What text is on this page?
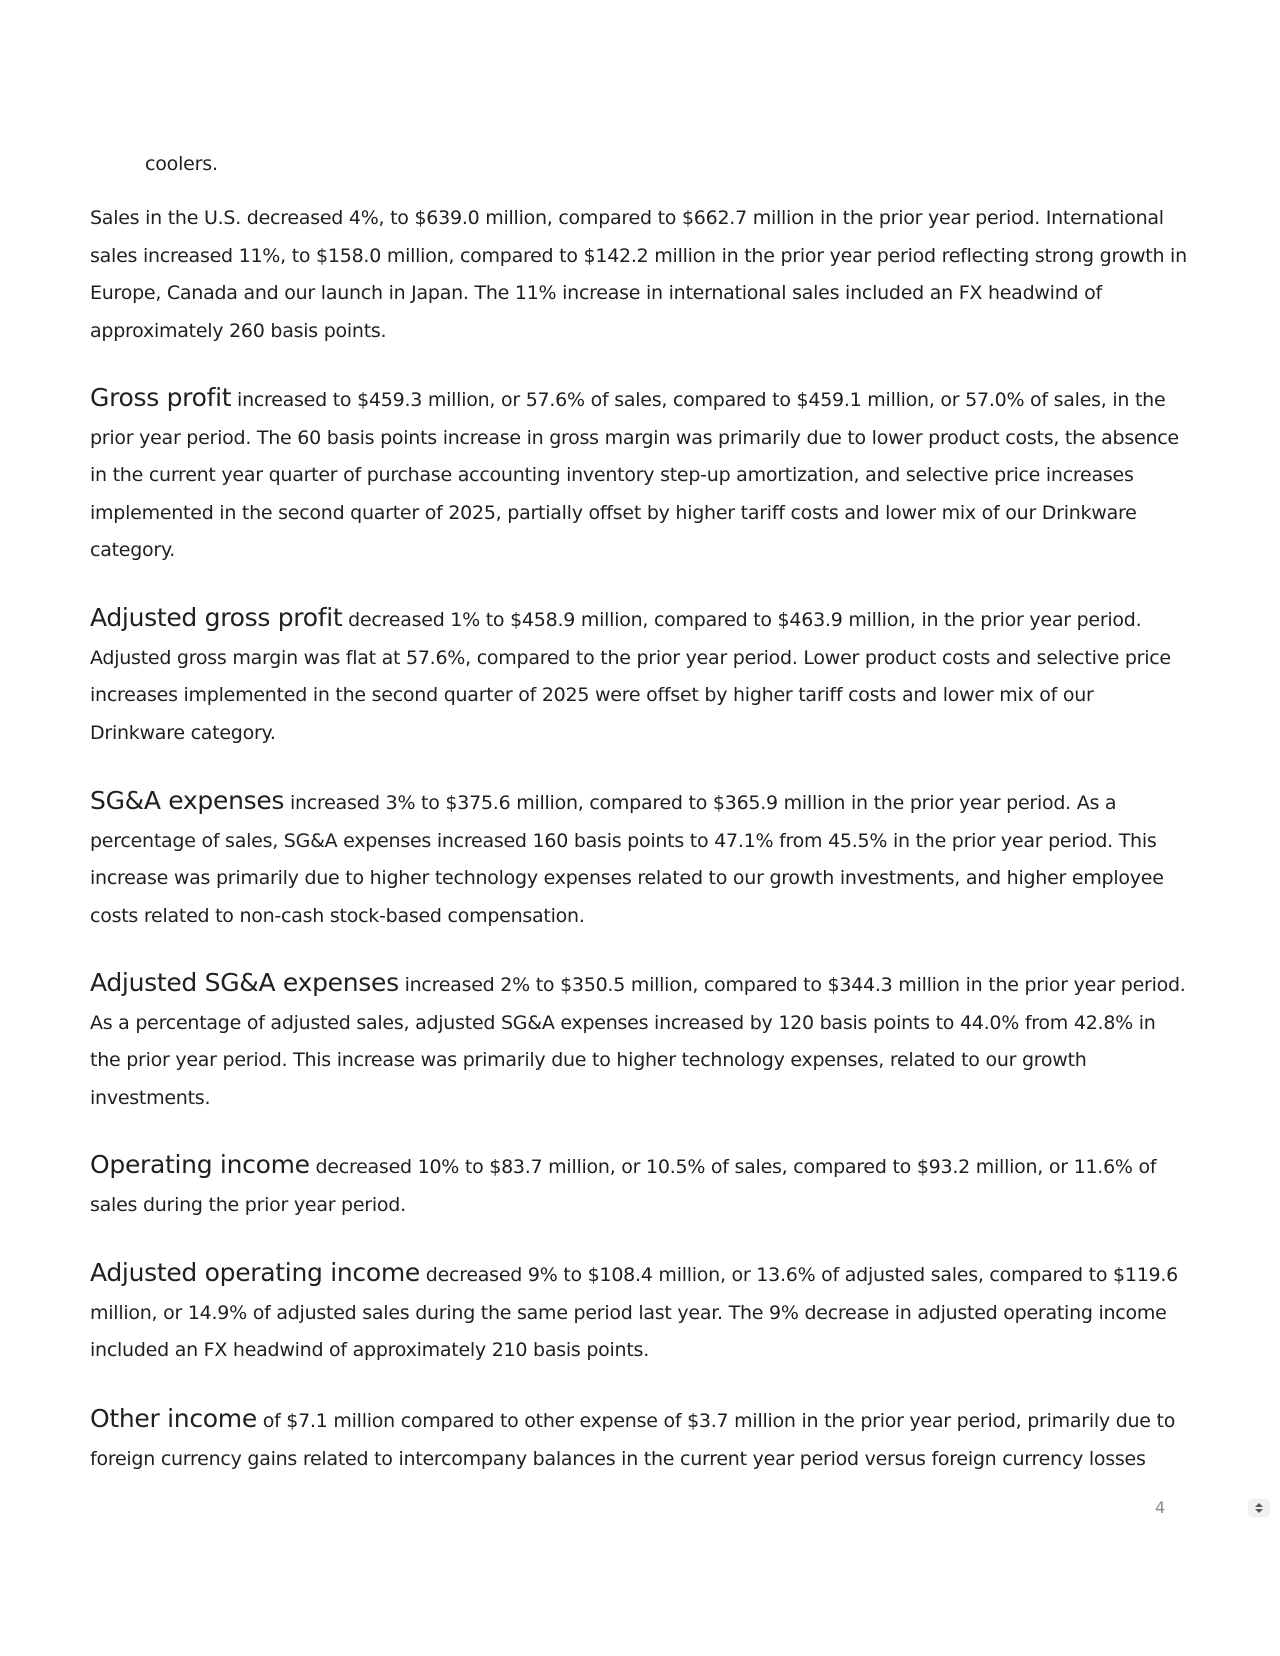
coolers.

Sales in the U.S. decreased 4%, to $639.0 million, compared to $662.7 million in the prior year period. International sales increased 11%, to $158.0 million, compared to $142.2 million in the prior year period reflecting strong growth in Europe, Canada and our launch in Japan. The 11% increase in international sales included an FX headwind of approximately 260 basis points.

Gross profit increased to $459.3 million, or 57.6% of sales, compared to $459.1 million, or 57.0% of sales, in the prior year period. The 60 basis points increase in gross margin was primarily due to lower product costs, the absence in the current year quarter of purchase accounting inventory step-up amortization, and selective price increases implemented in the second quarter of 2025, partially offset by higher tariff costs and lower mix of our Drinkware category.

Adjusted gross profit decreased 1% to $458.9 million, compared to $463.9 million, in the prior year period. Adjusted gross margin was flat at 57.6%, compared to the prior year period. Lower product costs and selective price increases implemented in the second quarter of 2025 were offset by higher tariff costs and lower mix of our Drinkware category.

SG&A expenses increased 3% to $375.6 million, compared to $365.9 million in the prior year period. As a percentage of sales, SG&A expenses increased 160 basis points to 47.1% from 45.5% in the prior year period. This increase was primarily due to higher technology expenses related to our growth investments, and higher employee costs related to non-cash stock-based compensation.

Adjusted SG&A expenses increased 2% to $350.5 million, compared to $344.3 million in the prior year period. As a percentage of adjusted sales, adjusted SG&A expenses increased by 120 basis points to 44.0% from 42.8% in the prior year period. This increase was primarily due to higher technology expenses, related to our growth investments.

Operating income decreased 10% to $83.7 million, or 10.5% of sales, compared to $93.2 million, or 11.6% of sales during the prior year period.

Adjusted operating income decreased 9% to $108.4 million, or 13.6% of adjusted sales, compared to $119.6 million, or 14.9% of adjusted sales during the same period last year. The 9% decrease in adjusted operating income included an FX headwind of approximately 210 basis points.

Other income of $7.1 million compared to other expense of $3.7 million in the prior year period, primarily due to foreign currency gains related to intercompany balances in the current year period versus foreign currency losses

4
